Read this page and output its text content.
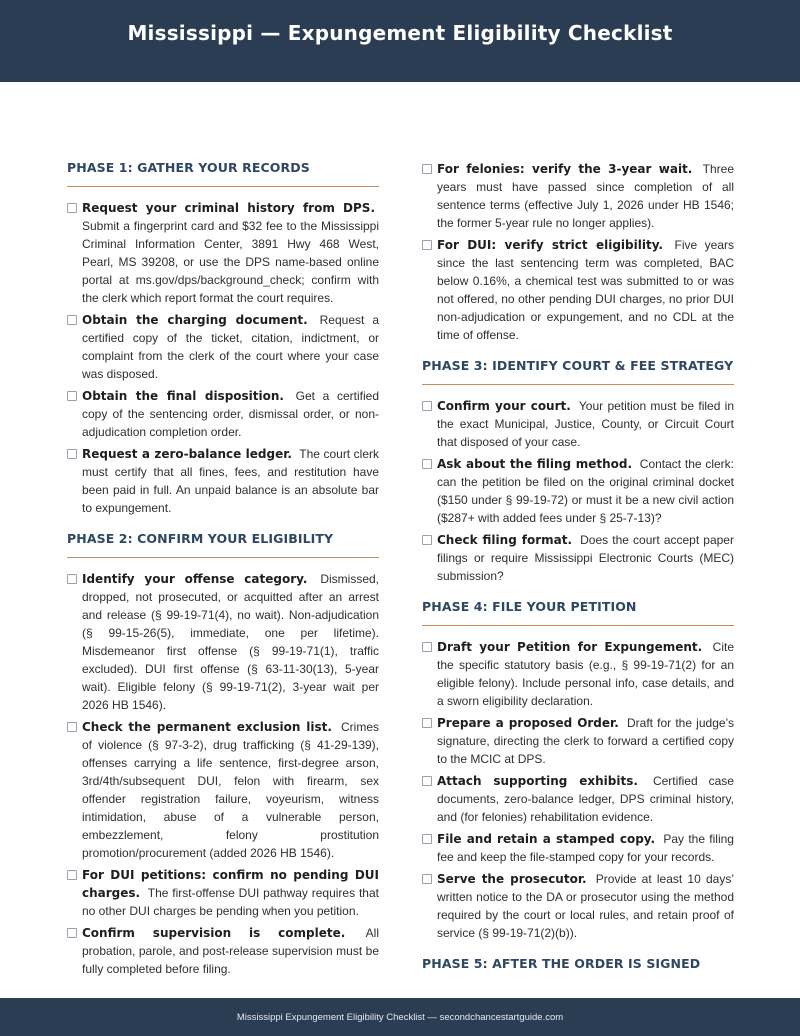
Mississippi — Expungement Eligibility Checklist
PHASE 1: GATHER YOUR RECORDS
Request your criminal history from DPS. Submit a fingerprint card and $32 fee to the Mississippi Criminal Information Center, 3891 Hwy 468 West, Pearl, MS 39208, or use the DPS name-based online portal at ms.gov/dps/background_check; confirm with the clerk which report format the court requires.
Obtain the charging document. Request a certified copy of the ticket, citation, indictment, or complaint from the clerk of the court where your case was disposed.
Obtain the final disposition. Get a certified copy of the sentencing order, dismissal order, or non-adjudication completion order.
Request a zero-balance ledger. The court clerk must certify that all fines, fees, and restitution have been paid in full. An unpaid balance is an absolute bar to expungement.
PHASE 2: CONFIRM YOUR ELIGIBILITY
Identify your offense category. Dismissed, dropped, not prosecuted, or acquitted after an arrest and release (§ 99-19-71(4), no wait). Non-adjudication (§ 99-15-26(5), immediate, one per lifetime). Misdemeanor first offense (§ 99-19-71(1), traffic excluded). DUI first offense (§ 63-11-30(13), 5-year wait). Eligible felony (§ 99-19-71(2), 3-year wait per 2026 HB 1546).
Check the permanent exclusion list. Crimes of violence (§ 97-3-2), drug trafficking (§ 41-29-139), offenses carrying a life sentence, first-degree arson, 3rd/4th/subsequent DUI, felon with firearm, sex offender registration failure, voyeurism, witness intimidation, abuse of a vulnerable person, embezzlement, felony prostitution promotion/procurement (added 2026 HB 1546).
For DUI petitions: confirm no pending DUI charges. The first-offense DUI pathway requires that no other DUI charges be pending when you petition.
Confirm supervision is complete. All probation, parole, and post-release supervision must be fully completed before filing.
For felonies: verify the 3-year wait. Three years must have passed since completion of all sentence terms (effective July 1, 2026 under HB 1546; the former 5-year rule no longer applies).
For DUI: verify strict eligibility. Five years since the last sentencing term was completed, BAC below 0.16%, a chemical test was submitted to or was not offered, no other pending DUI charges, no prior DUI non-adjudication or expungement, and no CDL at the time of offense.
PHASE 3: IDENTIFY COURT & FEE STRATEGY
Confirm your court. Your petition must be filed in the exact Municipal, Justice, County, or Circuit Court that disposed of your case.
Ask about the filing method. Contact the clerk: can the petition be filed on the original criminal docket ($150 under § 99-19-72) or must it be a new civil action ($287+ with added fees under § 25-7-13)?
Check filing format. Does the court accept paper filings or require Mississippi Electronic Courts (MEC) submission?
PHASE 4: FILE YOUR PETITION
Draft your Petition for Expungement. Cite the specific statutory basis (e.g., § 99-19-71(2) for an eligible felony). Include personal info, case details, and a sworn eligibility declaration.
Prepare a proposed Order. Draft for the judge’s signature, directing the clerk to forward a certified copy to the MCIC at DPS.
Attach supporting exhibits. Certified case documents, zero-balance ledger, DPS criminal history, and (for felonies) rehabilitation evidence.
File and retain a stamped copy. Pay the filing fee and keep the file-stamped copy for your records.
Serve the prosecutor. Provide at least 10 days’ written notice to the DA or prosecutor using the method required by the court or local rules, and retain proof of service (§ 99-19-71(2)(b)).
PHASE 5: AFTER THE ORDER IS SIGNED
Mississippi Expungement Eligibility Checklist — secondchancestartguide.com
